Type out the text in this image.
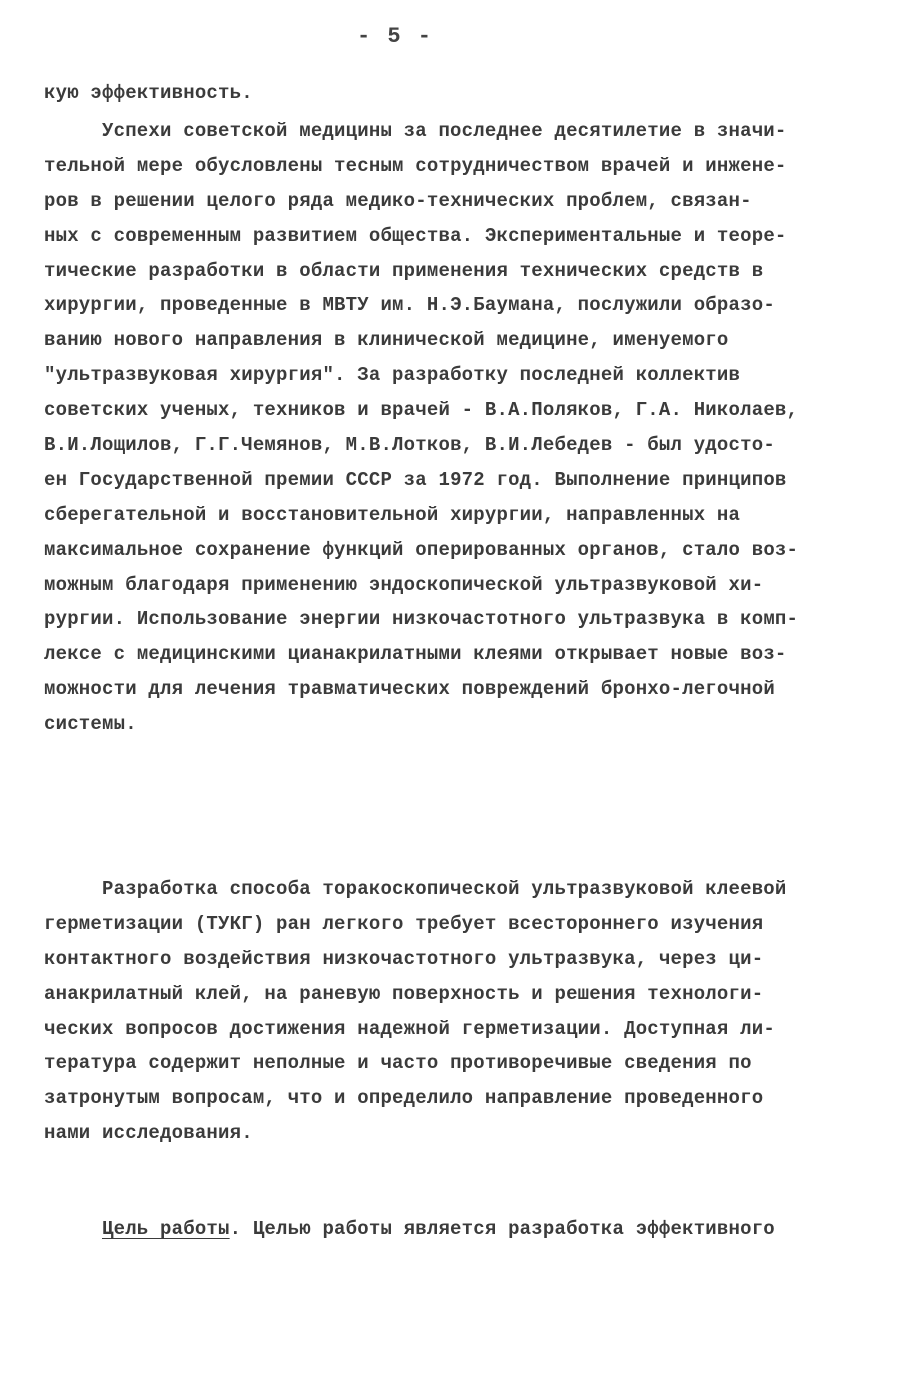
- 5 -
кую эффективность.
Успехи советской медицины за последнее десятилетие в значи-
тельной мере обусловлены тесным сотрудничеством врачей и инжене-
ров в решении целого ряда медико-технических проблем, связан-
ных с современным развитием общества. Экспериментальные и теоре-
тические разработки в области применения технических средств в
хирургии, проведенные в МВТУ им. Н.Э.Баумана, послужили образо-
ванию нового направления в клинической медицине, именуемого
"ультразвуковая хирургия". За разработку последней коллектив
советских ученых, техников и врачей - В.А.Поляков, Г.А. Николаев,
В.И.Лощилов, Г.Г.Чемянов, М.В.Лотков, В.И.Лебедев - был удосто-
ен Государственной премии СССР за 1972 год. Выполнение принципов
сберегательной и восстановительной хирургии, направленных на
максимальное сохранение функций оперированных органов, стало воз-
можным благодаря применению эндоскопической ультразвуковой хи-
рургии. Использование энергии низкочастотного ультразвука в комп-
лексе с медицинскими цианакрилатными клеями открывает новые воз-
можности для лечения травматических повреждений бронхо-легочной
системы.
Разработка способа торакоскопической ультразвуковой клеевой
герметизации (ТУКГ) ран легкого требует всестороннего изучения
контактного воздействия низкочастотного ультразвука, через ци-
анакрилатный клей, на раневую поверхность и решения технологи-
ческих вопросов достижения надежной герметизации. Доступная ли-
тература содержит неполные и часто противоречивые сведения по
затронутым вопросам, что и определило направление проведенного
нами исследования.
Цель работы. Целью работы является разработка эффективного
